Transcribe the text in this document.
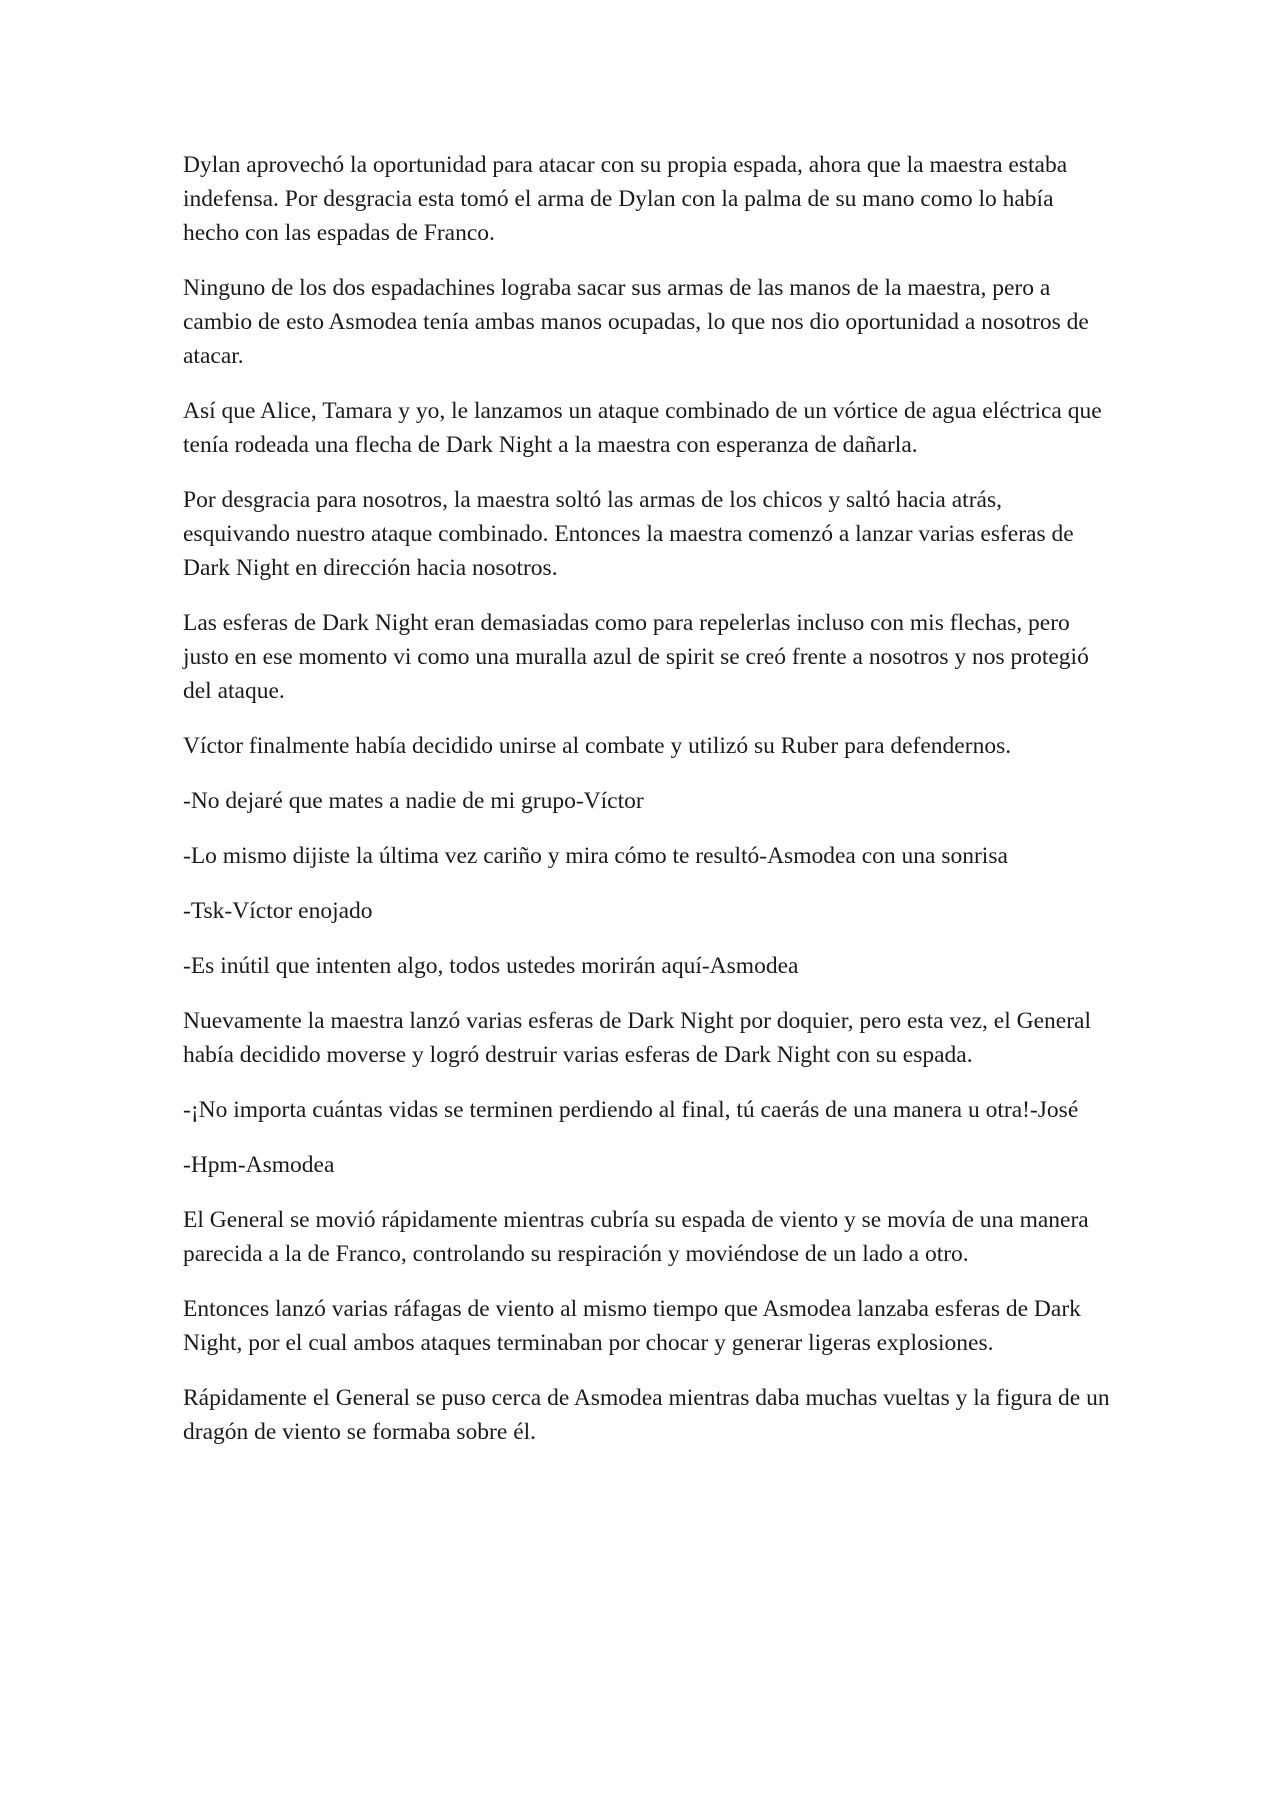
Dylan aprovechó la oportunidad para atacar con su propia espada, ahora que la maestra estaba indefensa. Por desgracia esta tomó el arma de Dylan con la palma de su mano como lo había hecho con las espadas de Franco.

Ninguno de los dos espadachines lograba sacar sus armas de las manos de la maestra, pero a cambio de esto Asmodea tenía ambas manos ocupadas, lo que nos dio oportunidad a nosotros de atacar.

Así que Alice, Tamara y yo, le lanzamos un ataque combinado de un vórtice de agua eléctrica que tenía rodeada una flecha de Dark Night a la maestra con esperanza de dañarla.

Por desgracia para nosotros, la maestra soltó las armas de los chicos y saltó hacia atrás, esquivando nuestro ataque combinado. Entonces la maestra comenzó a lanzar varias esferas de Dark Night en dirección hacia nosotros.

Las esferas de Dark Night eran demasiadas como para repelerlas incluso con mis flechas, pero justo en ese momento vi como una muralla azul de spirit se creó frente a nosotros y nos protegió del ataque.

Víctor finalmente había decidido unirse al combate y utilizó su Ruber para defendernos.

-No dejaré que mates a nadie de mi grupo-Víctor

-Lo mismo dijiste la última vez cariño y mira cómo te resultó-Asmodea con una sonrisa

-Tsk-Víctor enojado

-Es inútil que intenten algo, todos ustedes morirán aquí-Asmodea

Nuevamente la maestra lanzó varias esferas de Dark Night por doquier, pero esta vez, el General había decidido moverse y logró destruir varias esferas de Dark Night con su espada.

-¡No importa cuántas vidas se terminen perdiendo al final, tú caerás de una manera u otra!-José

-Hpm-Asmodea

El General se movió rápidamente mientras cubría su espada de viento y se movía de una manera parecida a la de Franco, controlando su respiración y moviéndose de un lado a otro.

Entonces lanzó varias ráfagas de viento al mismo tiempo que Asmodea lanzaba esferas de Dark Night, por el cual ambos ataques terminaban por chocar y generar ligeras explosiones.

Rápidamente el General se puso cerca de Asmodea mientras daba muchas vueltas y la figura de un dragón de viento se formaba sobre él.
